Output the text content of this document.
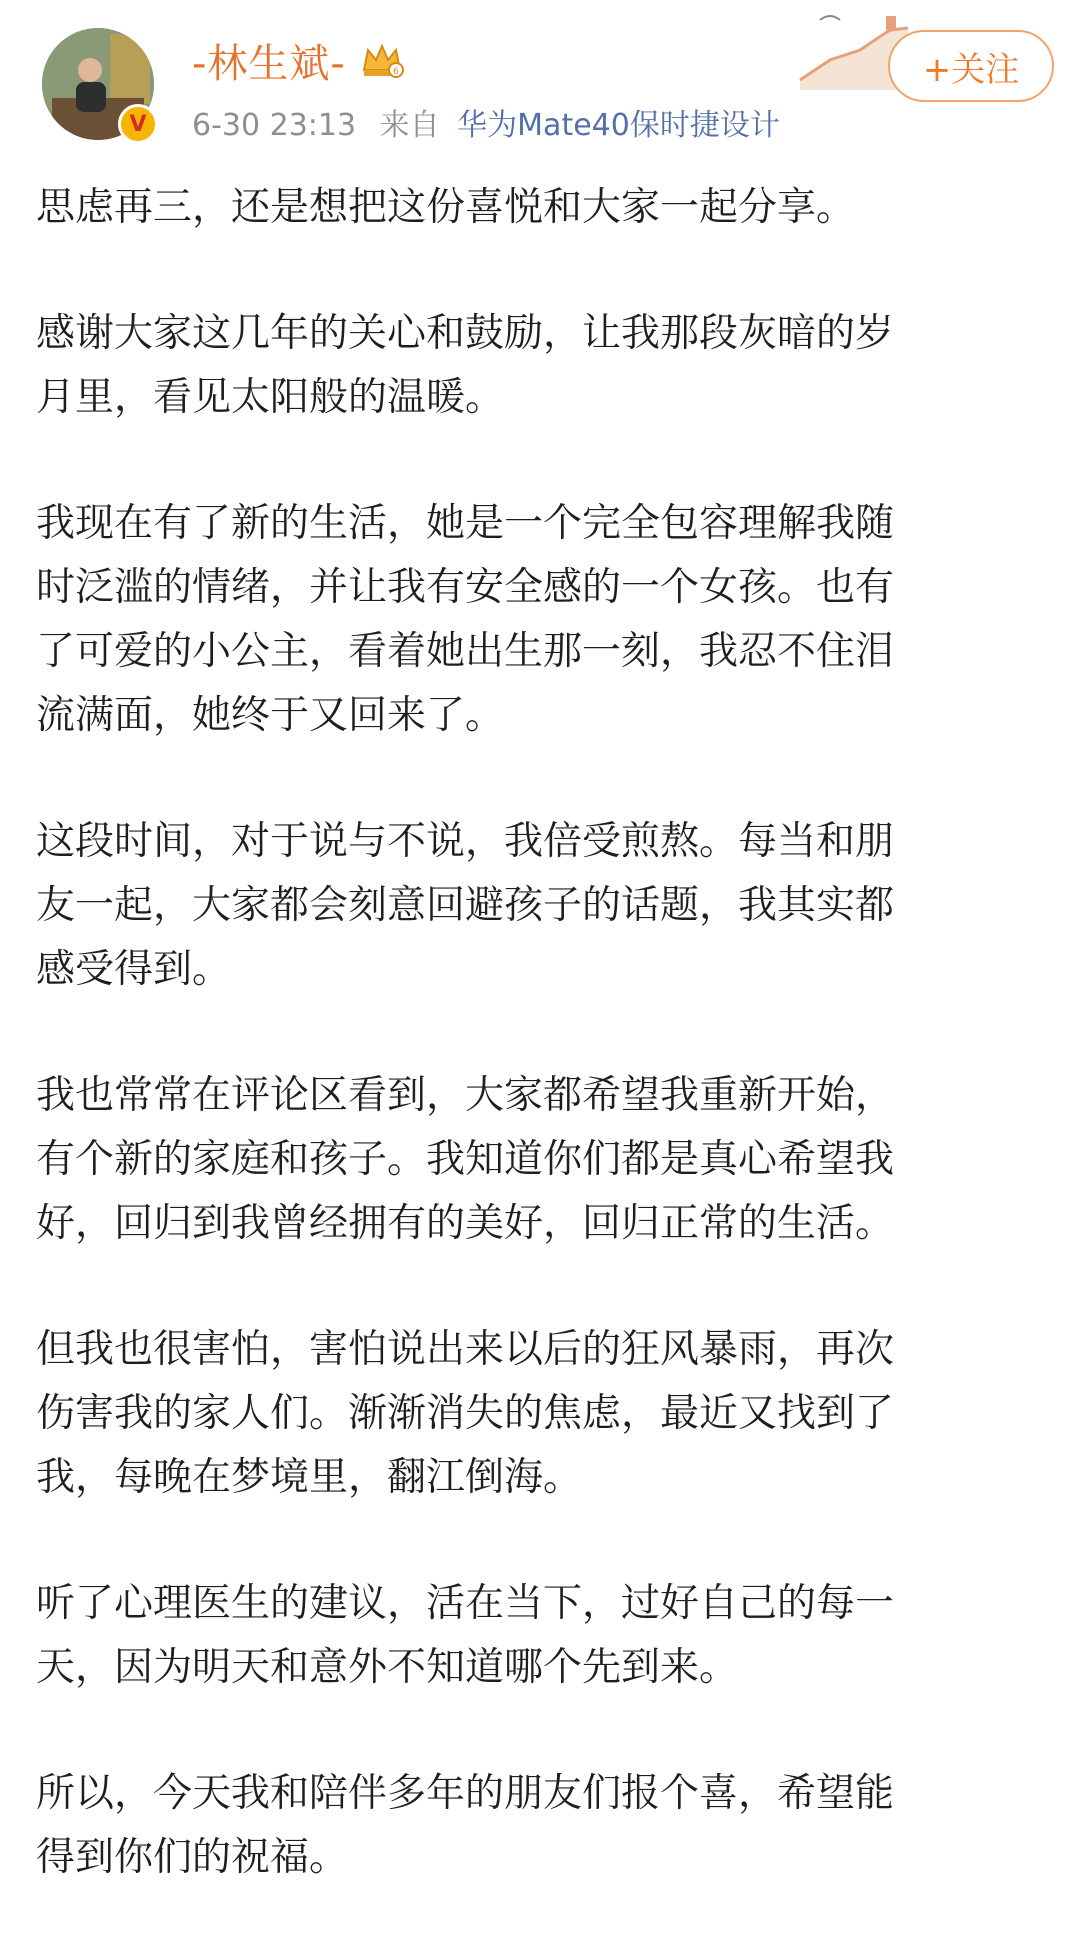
V
-林生斌-	6
6-30 23:13 来自 华为Mate40保时捷设计
+关注

思虑再三，还是想把这份喜悦和大家一起分享。

感谢大家这几年的关心和鼓励，让我那段灰暗的岁
月里，看见太阳般的温暖。

我现在有了新的生活，她是一个完全包容理解我随
时泛滥的情绪，并让我有安全感的一个女孩。也有
了可爱的小公主，看着她出生那一刻，我忍不住泪
流满面，她终于又回来了。

这段时间，对于说与不说，我倍受煎熬。每当和朋
友一起，大家都会刻意回避孩子的话题，我其实都
感受得到。

我也常常在评论区看到，大家都希望我重新开始，
有个新的家庭和孩子。我知道你们都是真心希望我
好，回归到我曾经拥有的美好，回归正常的生活。

但我也很害怕，害怕说出来以后的狂风暴雨，再次
伤害我的家人们。渐渐消失的焦虑，最近又找到了
我，每晚在梦境里，翻江倒海。

听了心理医生的建议，活在当下，过好自己的每一
天，因为明天和意外不知道哪个先到来。

所以，今天我和陪伴多年的朋友们报个喜，希望能
得到你们的祝福。
